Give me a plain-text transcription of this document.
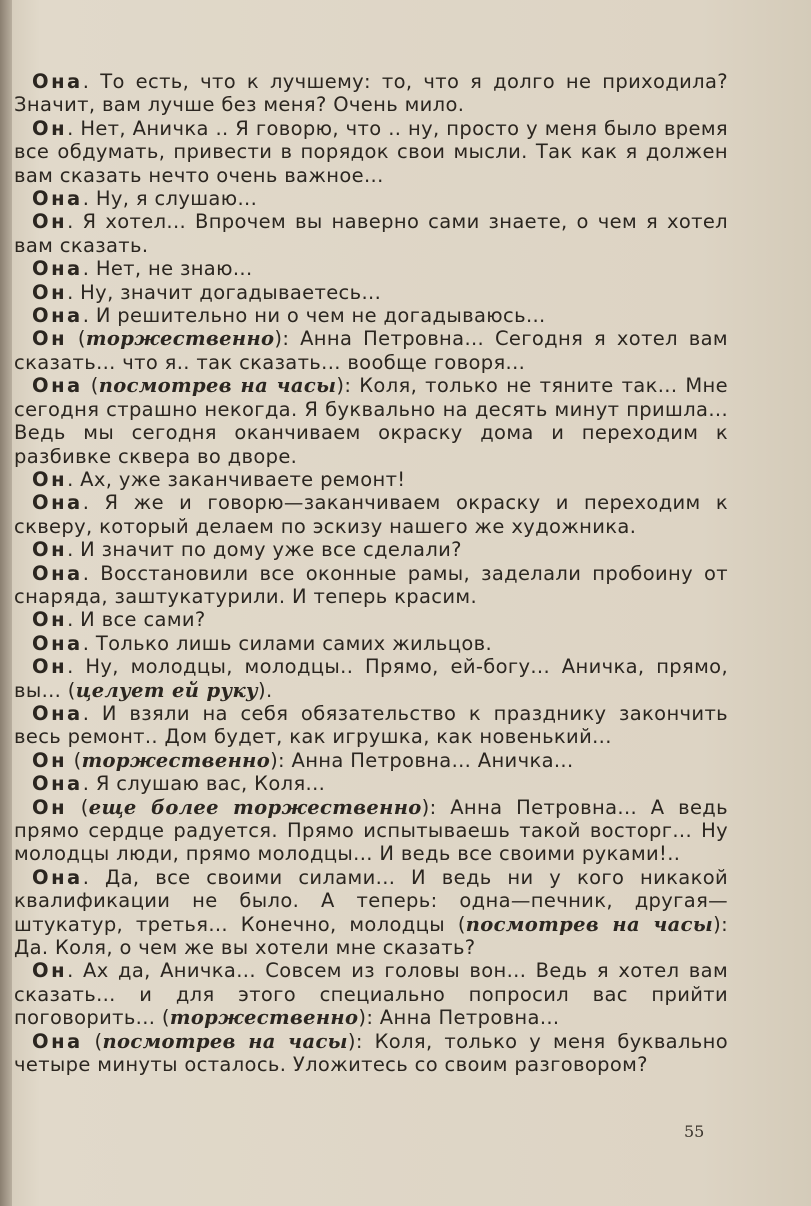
Она. То есть, что к лучшему: то, что я долго не приходила? Значит, вам лучше без меня? Очень мило.

Он. Нет, Аничка .. Я говорю, что .. ну, просто у меня было время все обдумать, привести в порядок свои мысли. Так как я должен вам сказать нечто очень важное...

Она. Ну, я слушаю...

Он. Я хотел... Впрочем вы наверно сами знаете, о чем я хотел вам сказать.

Она. Нет, не знаю...

Он. Ну, значит догадываетесь...

Она. И решительно ни о чем не догадываюсь...

Он (торжественно): Анна Петровна... Сегодня я хотел вам сказать... что я.. так сказать... вообще говоря...

Она (посмотрев на часы): Коля, только не тяните так... Мне сегодня страшно некогда. Я буквально на десять минут пришла... Ведь мы сегодня оканчиваем окраску дома и переходим к разбивке сквера во дворе.

Он. Ах, уже заканчиваете ремонт!

Она. Я же и говорю—заканчиваем окраску и переходим к скверу, который делаем по эскизу нашего же художника.

Он. И значит по дому уже все сделали?

Она. Восстановили все оконные рамы, заделали пробоину от снаряда, заштукатурили. И теперь красим.

Он. И все сами?

Она. Только лишь силами самих жильцов.

Он. Ну, молодцы, молодцы.. Прямо, ей-богу... Аничка, прямо, вы... (целует ей руку).

Она. И взяли на себя обязательство к празднику закончить весь ремонт.. Дом будет, как игрушка, как новенький...

Он (торжественно): Анна Петровна... Аничка...

Она. Я слушаю вас, Коля...

Он (еще более торжественно): Анна Петровна... А ведь прямо сердце радуется. Прямо испытываешь такой восторг... Ну молодцы люди, прямо молодцы... И ведь все своими руками!..

Она. Да, все своими силами... И ведь ни у кого никакой квалификации не было. А теперь: одна—печник, другая—штукатур, третья... Конечно, молодцы (посмотрев на часы): Да. Коля, о чем же вы хотели мне сказать?

Он. Ах да, Аничка... Совсем из головы вон... Ведь я хотел вам сказать... и для этого специально попросил вас прийти поговорить... (торжественно): Анна Петровна...

Она (посмотрев на часы): Коля, только у меня буквально четыре минуты осталось. Уложитесь со своим разговором?

55
